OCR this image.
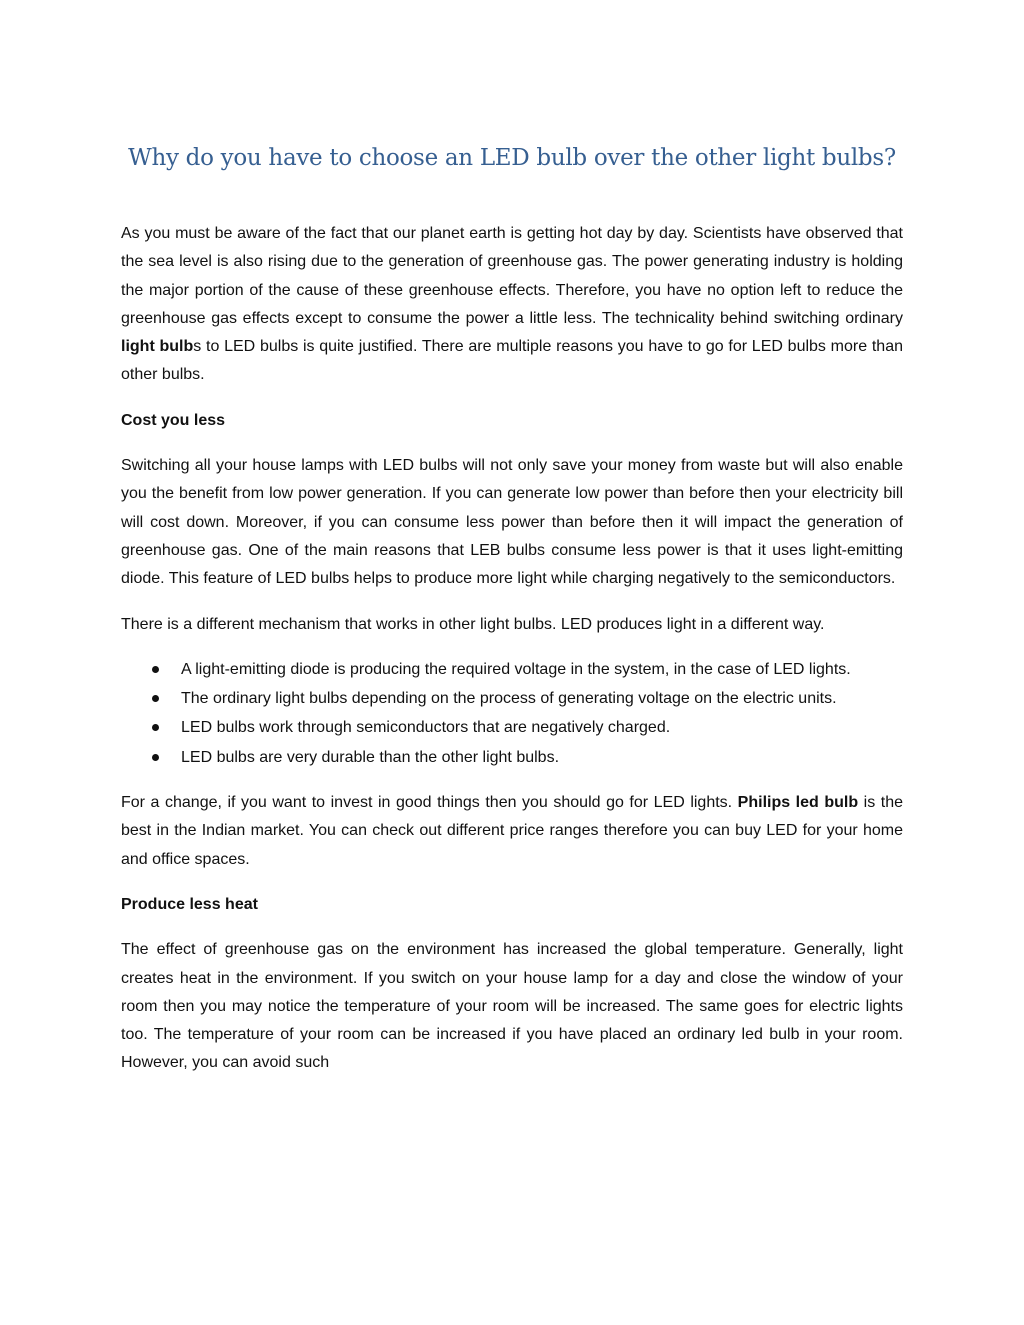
Why do you have to choose an LED bulb over the other light bulbs?

As you must be aware of the fact that our planet earth is getting hot day by day. Scientists have observed that the sea level is also rising due to the generation of greenhouse gas. The power generating industry is holding the major portion of the cause of these greenhouse effects. Therefore, you have no option left to reduce the greenhouse gas effects except to consume the power a little less. The technicality behind switching ordinary light bulbs to LED bulbs is quite justified. There are multiple reasons you have to go for LED bulbs more than other bulbs.

Cost you less

Switching all your house lamps with LED bulbs will not only save your money from waste but will also enable you the benefit from low power generation. If you can generate low power than before then your electricity bill will cost down. Moreover, if you can consume less power than before then it will impact the generation of greenhouse gas. One of the main reasons that LEB bulbs consume less power is that it uses light-emitting diode. This feature of LED bulbs helps to produce more light while charging negatively to the semiconductors.

There is a different mechanism that works in other light bulbs. LED produces light in a different way.

A light-emitting diode is producing the required voltage in the system, in the case of LED lights.
The ordinary light bulbs depending on the process of generating voltage on the electric units.
LED bulbs work through semiconductors that are negatively charged.
LED bulbs are very durable than the other light bulbs.

For a change, if you want to invest in good things then you should go for LED lights. Philips led bulb is the best in the Indian market. You can check out different price ranges therefore you can buy LED for your home and office spaces.

Produce less heat

The effect of greenhouse gas on the environment has increased the global temperature. Generally, light creates heat in the environment. If you switch on your house lamp for a day and close the window of your room then you may notice the temperature of your room will be increased. The same goes for electric lights too. The temperature of your room can be increased if you have placed an ordinary led bulb in your room. However, you can avoid such
